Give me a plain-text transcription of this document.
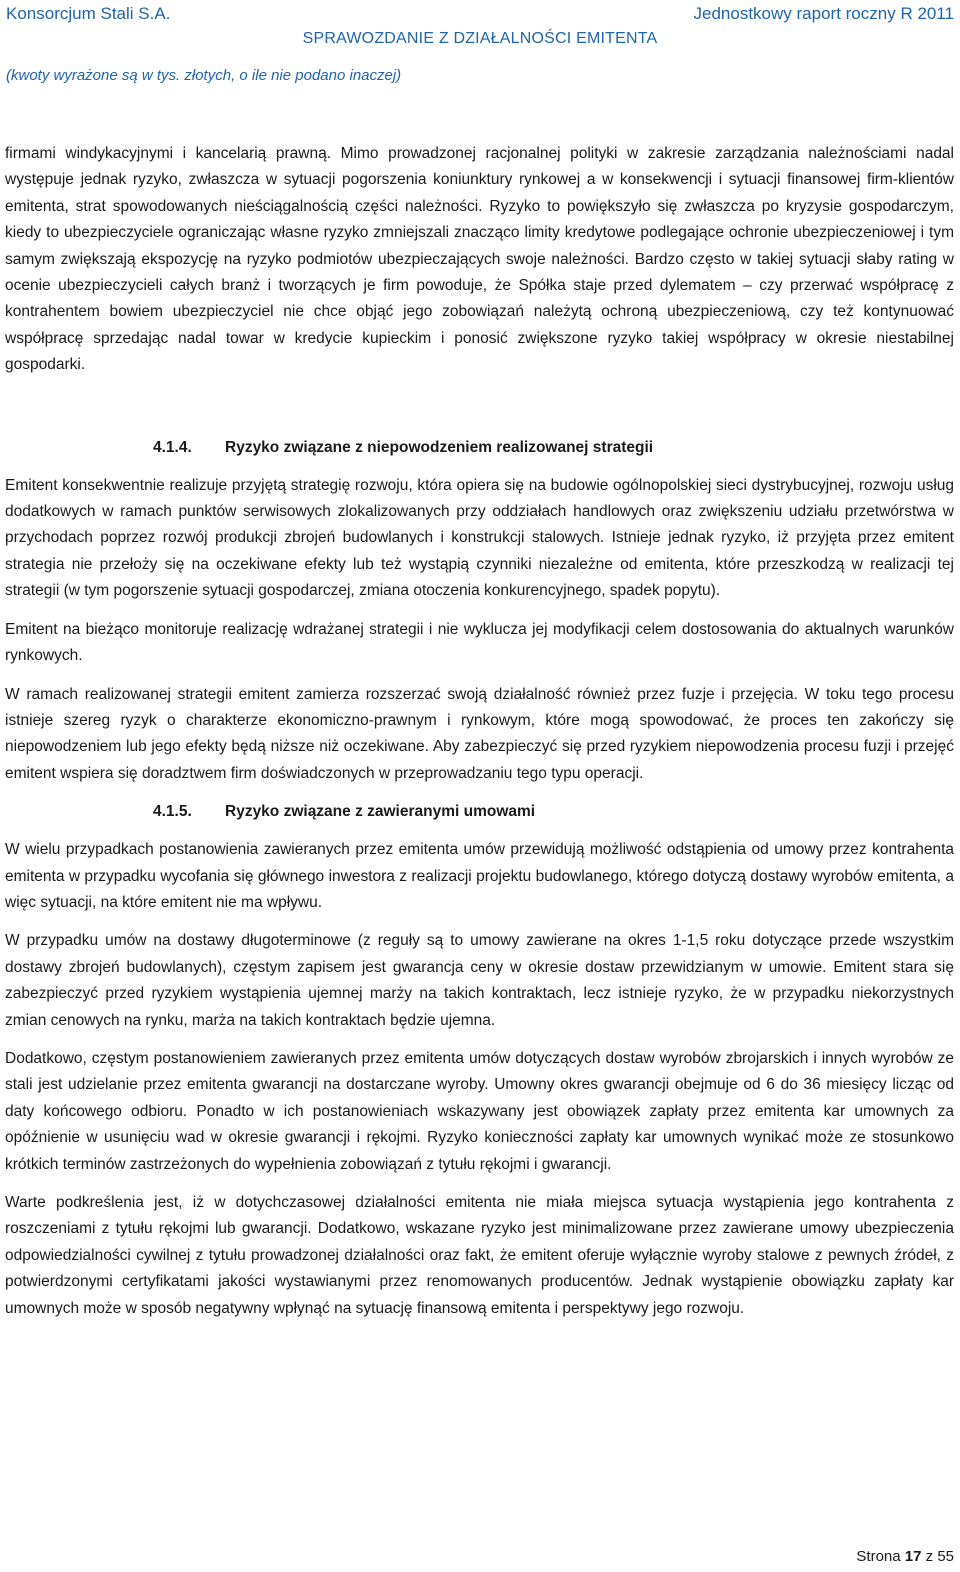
Konsorcjum Stali S.A.	Jednostkowy raport roczny R 2011
SPRAWOZDANIE Z DZIAŁALNOŚCI EMITENTA
(kwoty wyrażone są w tys. złotych, o ile nie podano inaczej)

firmami windykacyjnymi i kancelarią prawną. Mimo prowadzonej racjonalnej polityki w zakresie zarządzania należnościami nadal występuje jednak ryzyko, zwłaszcza w sytuacji pogorszenia koniunktury rynkowej a w konsekwencji i sytuacji finansowej firm-klientów emitenta, strat spowodowanych nieściągalnością części należności. Ryzyko to powiększyło się zwłaszcza po kryzysie gospodarczym, kiedy to ubezpieczyciele ograniczając własne ryzyko zmniejszali znacząco limity kredytowe podlegające ochronie ubezpieczeniowej i tym samym zwiększają ekspozycję na ryzyko podmiotów ubezpieczających swoje należności. Bardzo często w takiej sytuacji słaby rating w ocenie ubezpieczycieli całych branż i tworzących je firm powoduje, że Spółka staje przed dylematem – czy przerwać współpracę z kontrahentem bowiem ubezpieczyciel nie chce objąć jego zobowiązań należytą ochroną ubezpieczeniową, czy też kontynuować współpracę sprzedając nadal towar w kredycie kupieckim i ponosić zwiększone ryzyko takiej współpracy w okresie niestabilnej gospodarki.

4.1.4. Ryzyko związane z niepowodzeniem realizowanej strategii

Emitent konsekwentnie realizuje przyjętą strategię rozwoju, która opiera się na budowie ogólnopolskiej sieci dystrybucyjnej, rozwoju usług dodatkowych w ramach punktów serwisowych zlokalizowanych przy oddziałach handlowych oraz zwiększeniu udziału przetwórstwa w przychodach poprzez rozwój produkcji zbrojeń budowlanych i konstrukcji stalowych. Istnieje jednak ryzyko, iż przyjęta przez emitent strategia nie przełoży się na oczekiwane efekty lub też wystąpią czynniki niezależne od emitenta, które przeszkodzą w realizacji tej strategii (w tym pogorszenie sytuacji gospodarczej, zmiana otoczenia konkurencyjnego, spadek popytu).

Emitent na bieżąco monitoruje realizację wdrażanej strategii i nie wyklucza jej modyfikacji celem dostosowania do aktualnych warunków rynkowych.

W ramach realizowanej strategii emitent zamierza rozszerzać swoją działalność również przez fuzje i przejęcia. W toku tego procesu istnieje szereg ryzyk o charakterze ekonomiczno-prawnym i rynkowym, które mogą spowodować, że proces ten zakończy się niepowodzeniem lub jego efekty będą niższe niż oczekiwane. Aby zabezpieczyć się przed ryzykiem niepowodzenia procesu fuzji i przejęć emitent wspiera się doradztwem firm doświadczonych w przeprowadzaniu tego typu operacji.

4.1.5. Ryzyko związane z zawieranymi umowami

W wielu przypadkach postanowienia zawieranych przez emitenta umów przewidują możliwość odstąpienia od umowy przez kontrahenta emitenta w przypadku wycofania się głównego inwestora z realizacji projektu budowlanego, którego dotyczą dostawy wyrobów emitenta, a więc sytuacji, na które emitent nie ma wpływu.

W przypadku umów na dostawy długoterminowe (z reguły są to umowy zawierane na okres 1-1,5 roku dotyczące przede wszystkim dostawy zbrojeń budowlanych), częstym zapisem jest gwarancja ceny w okresie dostaw przewidzianym w umowie. Emitent stara się zabezpieczyć przed ryzykiem wystąpienia ujemnej marży na takich kontraktach, lecz istnieje ryzyko, że w przypadku niekorzystnych zmian cenowych na rynku, marża na takich kontraktach będzie ujemna.

Dodatkowo, częstym postanowieniem zawieranych przez emitenta umów dotyczących dostaw wyrobów zbrojarskich i innych wyrobów ze stali jest udzielanie przez emitenta gwarancji na dostarczane wyroby. Umowny okres gwarancji obejmuje od 6 do 36 miesięcy licząc od daty końcowego odbioru. Ponadto w ich postanowieniach wskazywany jest obowiązek zapłaty przez emitenta kar umownych za opóźnienie w usunięciu wad w okresie gwarancji i rękojmi. Ryzyko konieczności zapłaty kar umownych wynikać może ze stosunkowo krótkich terminów zastrzeżonych do wypełnienia zobowiązań z tytułu rękojmi i gwarancji.

Warte podkreślenia jest, iż w dotychczasowej działalności emitenta nie miała miejsca sytuacja wystąpienia jego kontrahenta z roszczeniami z tytułu rękojmi lub gwarancji. Dodatkowo, wskazane ryzyko jest minimalizowane przez zawierane umowy ubezpieczenia odpowiedzialności cywilnej z tytułu prowadzonej działalności oraz fakt, że emitent oferuje wyłącznie wyroby stalowe z pewnych źródeł, z potwierdzonymi certyfikatami jakości wystawianymi przez renomowanych producentów. Jednak wystąpienie obowiązku zapłaty kar umownych może w sposób negatywny wpłynąć na sytuację finansową emitenta i perspektywy jego rozwoju.

Strona 17 z 55
